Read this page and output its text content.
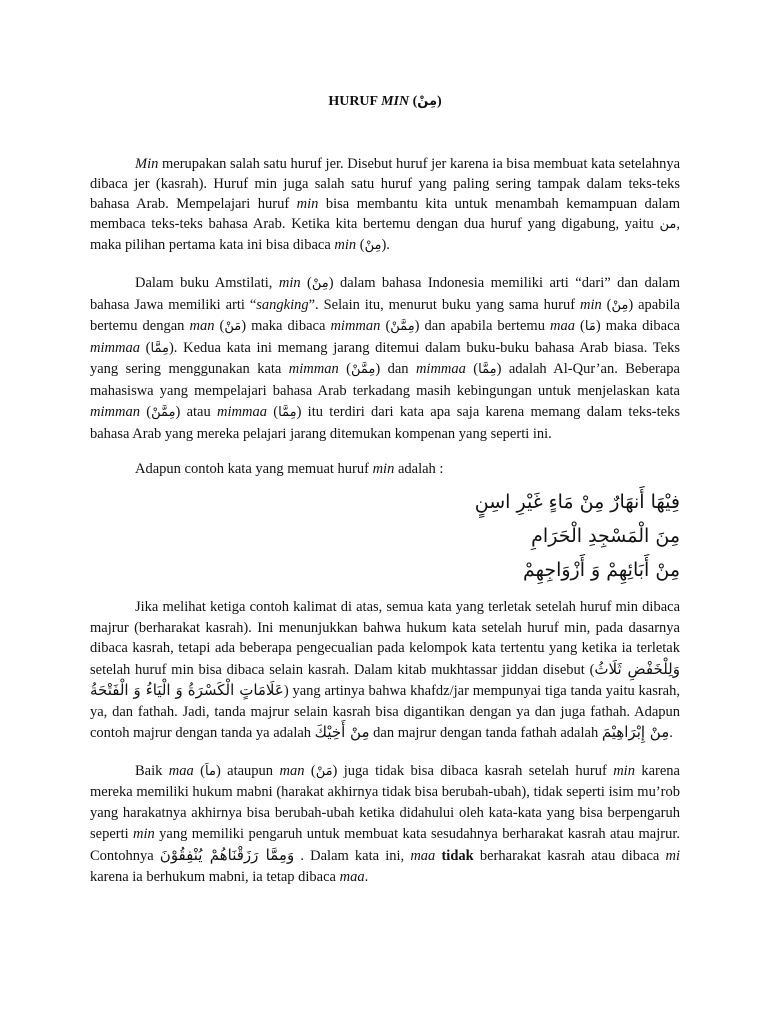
HURUF MIN (مِنْ)

Min merupakan salah satu huruf jer. Disebut huruf jer karena ia bisa membuat kata setelahnya dibaca jer (kasrah). Huruf min juga salah satu huruf yang paling sering tampak dalam teks-teks bahasa Arab. Mempelajari huruf min bisa membantu kita untuk menambah kemampuan dalam membaca teks-teks bahasa Arab. Ketika kita bertemu dengan dua huruf yang digabung, yaitu من, maka pilihan pertama kata ini bisa dibaca min (مِنْ).

Dalam buku Amstilati, min (مِنْ) dalam bahasa Indonesia memiliki arti “dari” dan dalam bahasa Jawa memiliki arti “sangking”. Selain itu, menurut buku yang sama huruf min (مِنْ) apabila bertemu dengan man (مَنْ) maka dibaca mimman (مِمَّنْ) dan apabila bertemu maa (مَا) maka dibaca mimmaa (مِمَّا). Kedua kata ini memang jarang ditemui dalam buku-buku bahasa Arab biasa. Teks yang sering menggunakan kata mimman (مِمَّنْ) dan mimmaa (مِمَّا) adalah Al-Qur’an. Beberapa mahasiswa yang mempelajari bahasa Arab terkadang masih kebingungan untuk menjelaskan kata mimman (مِمَّنْ) atau mimmaa (مِمَّا) itu terdiri dari kata apa saja karena memang dalam teks-teks bahasa Arab yang mereka pelajari jarang ditemukan kompenan yang seperti ini.

Adapun contoh kata yang memuat huruf min adalah :

فِيْهَا أَنهَارٌ مِنْ مَاءٍ غَيْرِ اسِنٍ

مِنَ الْمَسْجِدِ الْحَرَامِ

مِنْ أَبَائِهِمْ وَ أَزْوَاجِهِمْ

Jika melihat ketiga contoh kalimat di atas, semua kata yang terletak setelah huruf min dibaca majrur (berharakat kasrah). Ini menunjukkan bahwa hukum kata setelah huruf min, pada dasarnya dibaca kasrah, tetapi ada beberapa pengecualian pada kelompok kata tertentu yang ketika ia terletak setelah huruf min bisa dibaca selain kasrah. Dalam kitab mukhtassar jiddan disebut (وَلِلْخَفْضِ ثَلَاثُ عَلَامَاتٍ الْكَسْرَةُ وَ الْيَاءُ وَ الْفَتْحَةُ) yang artinya bahwa khafdz/jar mempunyai tiga tanda yaitu kasrah, ya, dan fathah. Jadi, tanda majrur selain kasrah bisa digantikan dengan ya dan juga fathah. Adapun contoh majrur dengan tanda ya adalah مِنْ أَخِيْكَ dan majrur dengan tanda fathah adalah مِنْ إِبْرَاهِيْمَ.

Baik maa (ماَ) ataupun man (مَنْ) juga tidak bisa dibaca kasrah setelah huruf min karena mereka memiliki hukum mabni (harakat akhirnya tidak bisa berubah-ubah), tidak seperti isim mu’rob yang harakatnya akhirnya bisa berubah-ubah ketika didahului oleh kata-kata yang bisa berpengaruh seperti min yang memiliki pengaruh untuk membuat kata sesudahnya berharakat kasrah atau majrur. Contohnya وَمِمَّا رَزَقْنَاهُمْ يُنْفِقُوْنَ . Dalam kata ini, maa tidak berharakat kasrah atau dibaca mi karena ia berhukum mabni, ia tetap dibaca maa.
